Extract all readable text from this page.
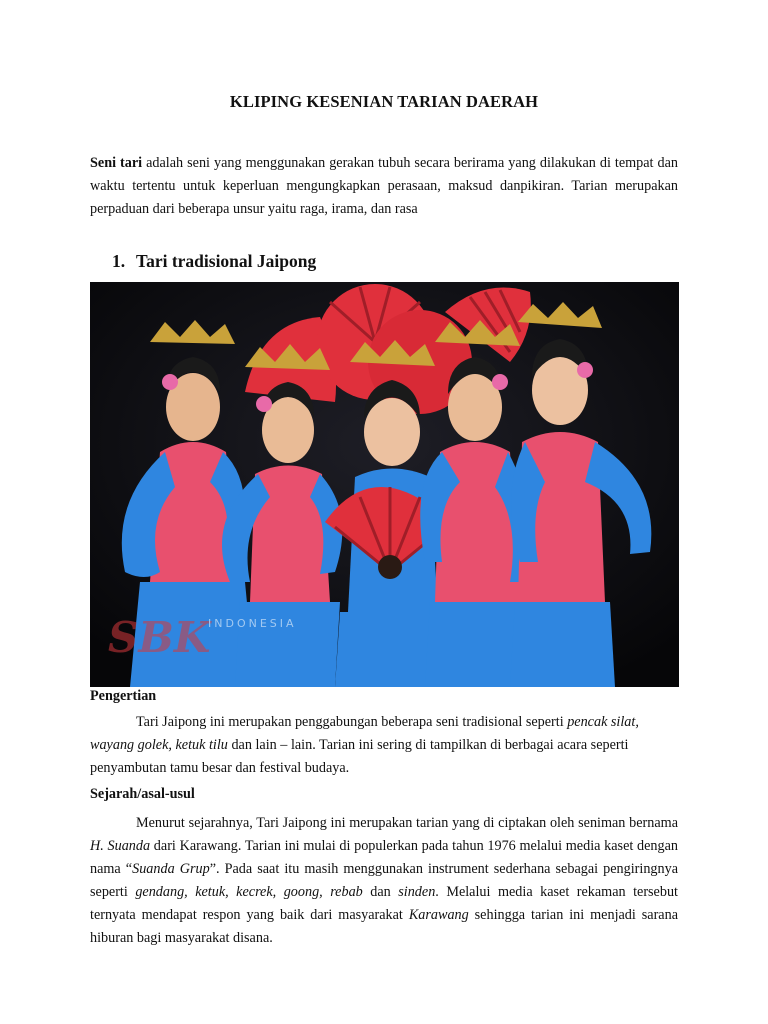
KLIPING KESENIAN TARIAN DAERAH
Seni tari adalah seni yang menggunakan gerakan tubuh secara berirama yang dilakukan di tempat dan waktu tertentu untuk keperluan mengungkapkan perasaan, maksud danpikiran. Tarian merupakan perpaduan dari beberapa unsur yaitu raga, irama, dan rasa
1. Tari tradisional Jaipong
SBK
INDONESIA
Pengertian
Tari Jaipong ini merupakan penggabungan beberapa seni tradisional seperti pencak silat, wayang golek, ketuk tilu dan lain – lain. Tarian ini sering di tampilkan di berbagai acara seperti penyambutan tamu besar dan festival budaya.
Sejarah/asal-usul
Menurut sejarahnya, Tari Jaipong ini merupakan tarian yang di ciptakan oleh seniman bernama H. Suanda dari Karawang. Tarian ini mulai di populerkan pada tahun 1976 melalui media kaset dengan nama “Suanda Grup”. Pada saat itu masih menggunakan instrument sederhana sebagai pengiringnya seperti gendang, ketuk, kecrek, goong, rebab dan sinden. Melalui media kaset rekaman tersebut ternyata mendapat respon yang baik dari masyarakat Karawang sehingga tarian ini menjadi sarana hiburan bagi masyarakat disana.
